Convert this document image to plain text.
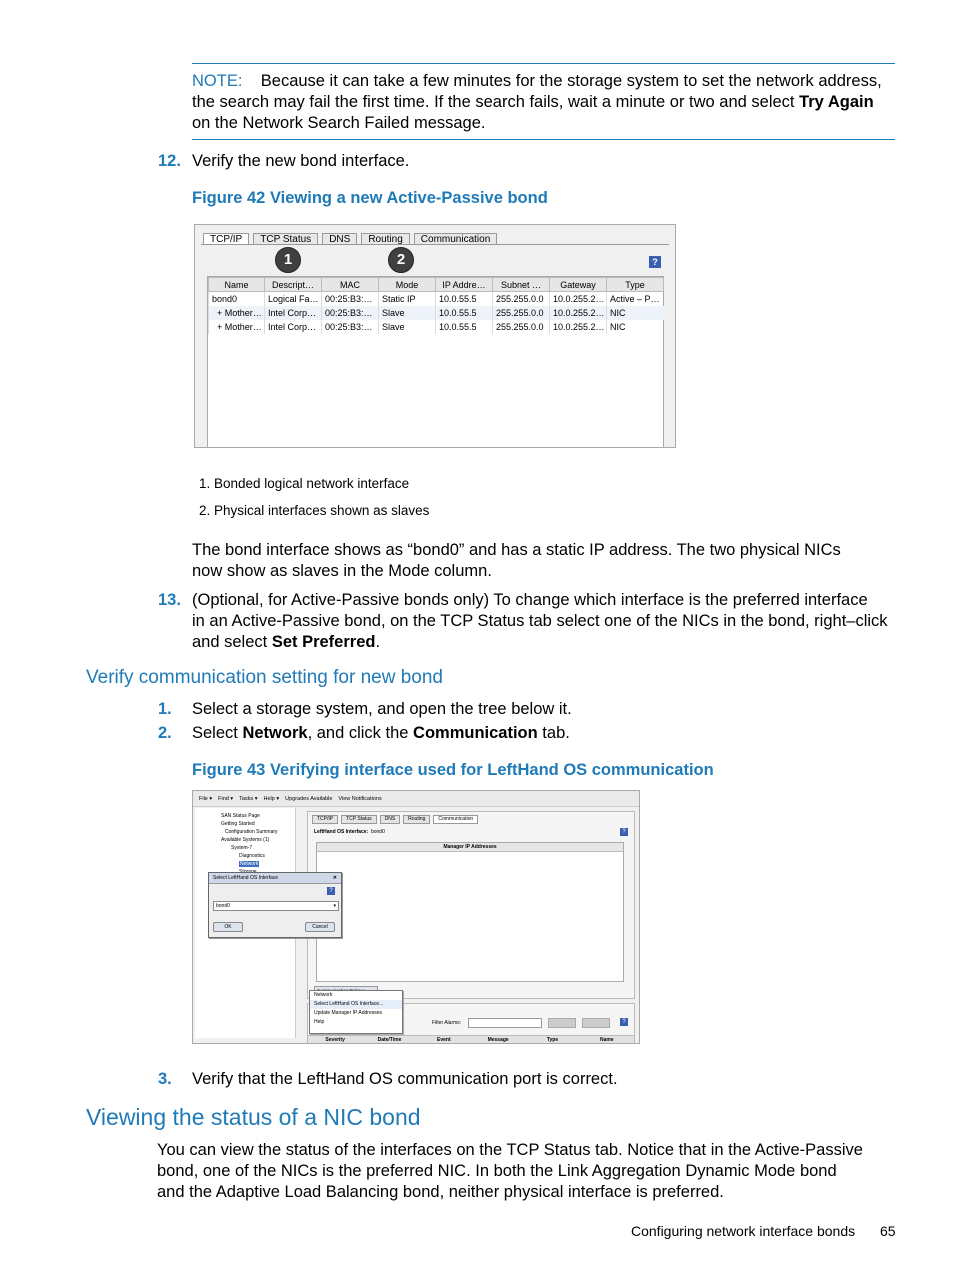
NOTE: Because it can take a few minutes for the storage system to set the network address,
the search may fail the first time. If the search fails, wait a minute or two and select Try Again
on the Network Search Failed message.
12. Verify the new bond interface.
Figure 42 Viewing a new Active-Passive bond
TCP/IP	TCP Status	DNS	Routing	Communication
1	2	?
Name	Descript…	MAC	Mode	IP Addre…	Subnet …	Gateway	Type
bond0	Logical Fa…	00:25:B3:…	Static IP	10.0.55.5	255.255.0.0	10.0.255.2…	Active – P…
+ Mother…	Intel Corp…	00:25:B3:…	Slave	10.0.55.5	255.255.0.0	10.0.255.2…	NIC
+ Mother…	Intel Corp…	00:25:B3:…	Slave	10.0.55.5	255.255.0.0	10.0.255.2…	NIC
1. Bonded logical network interface
2. Physical interfaces shown as slaves
The bond interface shows as “bond0” and has a static IP address. The two physical NICs
now show as slaves in the Mode column.
13. (Optional, for Active-Passive bonds only) To change which interface is the preferred interface
in an Active-Passive bond, on the TCP Status tab select one of the NICs in the bond, right–click
and select Set Preferred.
Verify communication setting for new bond
1.	Select a storage system, and open the tree below it.
2.	Select Network, and click the Communication tab.
Figure 43 Verifying interface used for LeftHand OS communication
File ▾ Find ▾ Tasks ▾ Help ▾ Upgrades Available View Notifications
SAN Status Page
Getting Started
Configuration Summary
Available Systems (1)
System-7
Diagnostics
Network
TCP/IP	TCP Status	DNS	Routing	Communication
LeftHand OS Interface: bond0	?
Manager IP Addresses
Filter Alarms:	?
Severity	Date/Time	Event	Message	Type	Name
Select LeftHand OS Interface	✕
?
bond0	▾
OK	Cancel
Network
Select LeftHand OS Interface...
Update Manager IP Addresses
Help
3.	Verify that the LeftHand OS communication port is correct.
Viewing the status of a NIC bond
You can view the status of the interfaces on the TCP Status tab. Notice that in the Active-Passive
bond, one of the NICs is the preferred NIC. In both the Link Aggregation Dynamic Mode bond
and the Adaptive Load Balancing bond, neither physical interface is preferred.
Configuring network interface bonds 65
